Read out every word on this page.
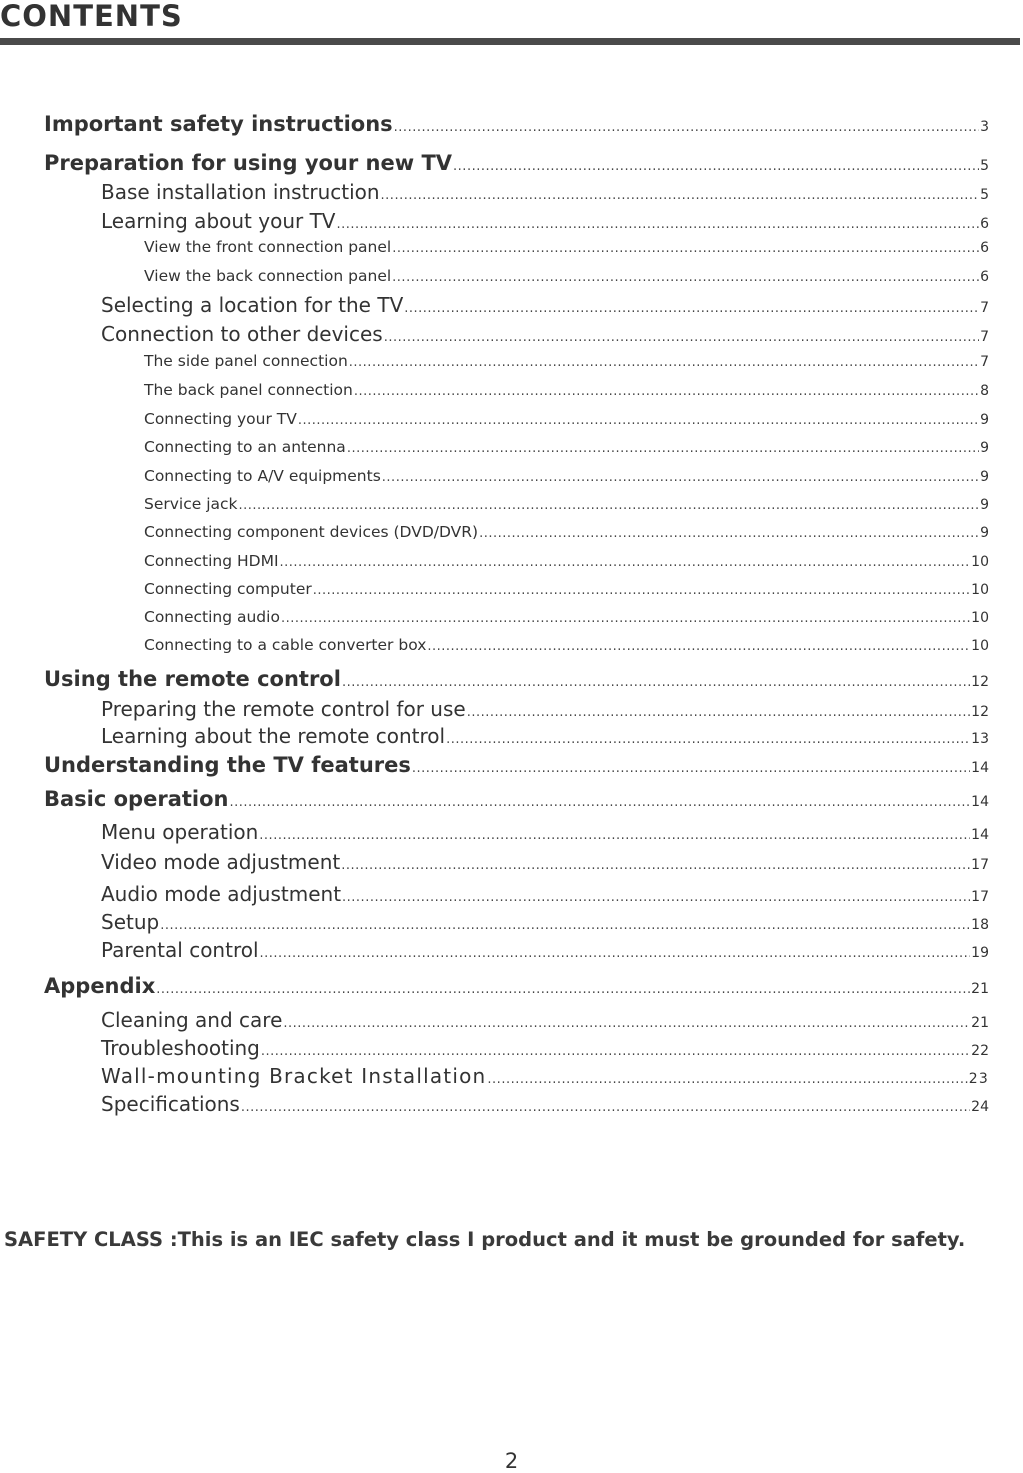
CONTENTS
Important safety instructions .....	3
Preparation for using your new TV .....	5
Base installation instruction .....	5
Learning about your TV .....	6
View the front connection panel .....	6
View the back connection panel .....	6
Selecting a location for the TV .....	7
Connection to other devices .....	7
The side panel connection .....	7
The back panel connection .....	8
Connecting your TV .....	9
Connecting to an antenna .....	9
Connecting to A/V equipments .....	9
Service jack .....	9
Connecting component devices (DVD/DVR) .....	9
Connecting HDMI .....	10
Connecting computer .....	10
Connecting audio .....	10
Connecting to a cable converter box .....	10
Using the remote control .....	12
Preparing the remote control for use .....	12
Learning about the remote control .....	13
Understanding the TV features .....	14
Basic operation .....	14
Menu operation .....	14
Video mode adjustment .....	17
Audio mode adjustment .....	17
Setup .....	18
Parental control .....	19
Appendix .....	21
Cleaning and care .....	21
Troubleshooting .....	22
Wall-mounting Bracket Installation .....	23
Specifications .....	24
SAFETY CLASS :This is an IEC safety class I product and it must be grounded for safety.
2
